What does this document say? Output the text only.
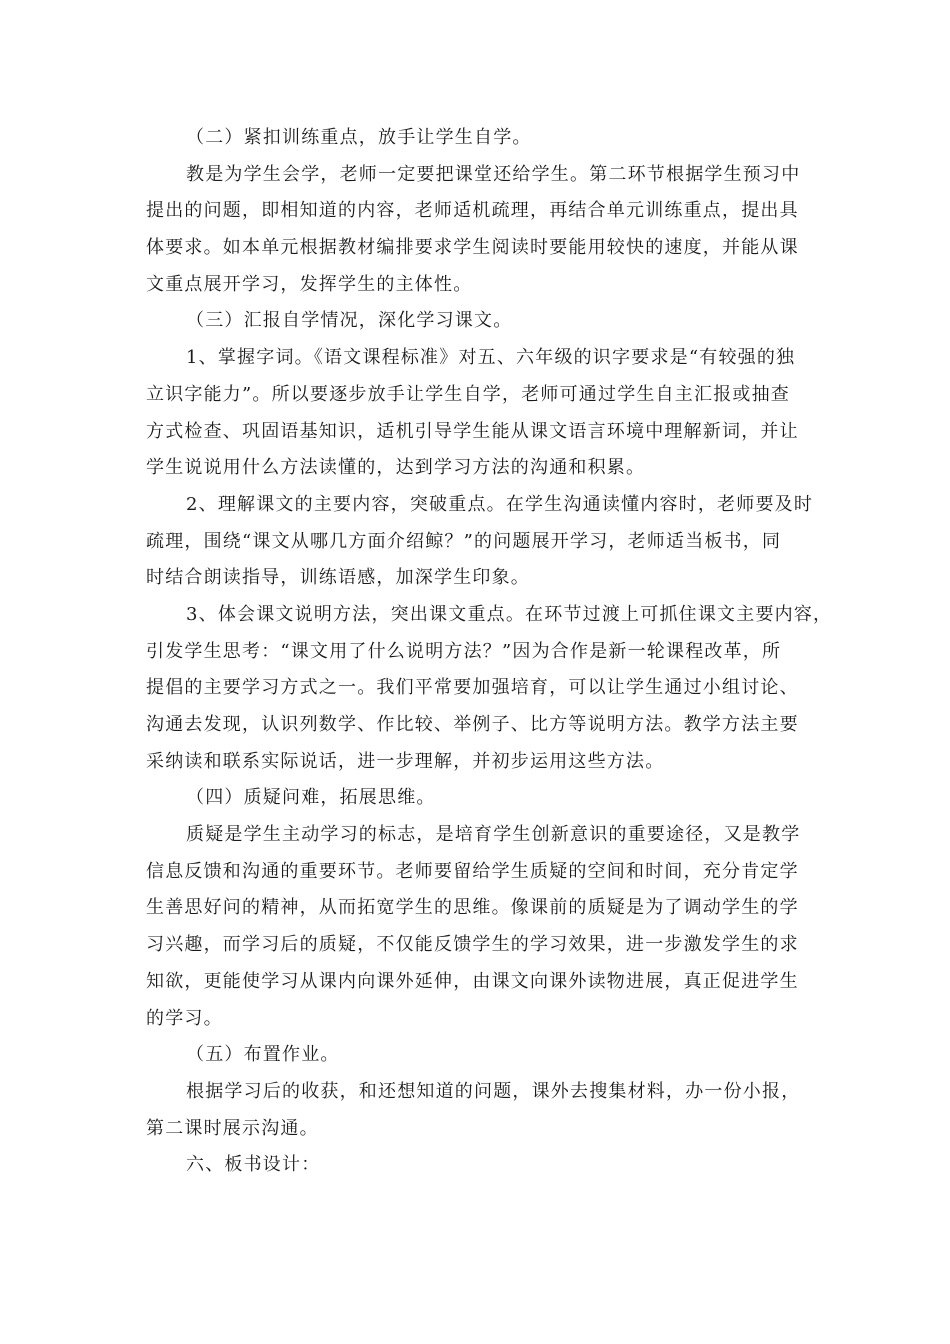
（二）紧扣训练重点，放手让学生自学。
教是为学生会学，老师一定要把课堂还给学生。第二环节根据学生预习中
提出的问题，即相知道的内容，老师适机疏理，再结合单元训练重点，提出具
体要求。如本单元根据教材编排要求学生阅读时要能用较快的速度，并能从课
文重点展开学习，发挥学生的主体性。
（三）汇报自学情况，深化学习课文。
1、掌握字词。《语文课程标准》对五、六年级的识字要求是“有较强的独
立识字能力”。所以要逐步放手让学生自学，老师可通过学生自主汇报或抽查
方式检查、巩固语基知识，适机引导学生能从课文语言环境中理解新词，并让
学生说说用什么方法读懂的，达到学习方法的沟通和积累。
2、理解课文的主要内容，突破重点。在学生沟通读懂内容时，老师要及时
疏理，围绕“课文从哪几方面介绍鲸？”的问题展开学习，老师适当板书，同
时结合朗读指导，训练语感，加深学生印象。
3、体会课文说明方法，突出课文重点。在环节过渡上可抓住课文主要内容，
引发学生思考：“课文用了什么说明方法？”因为合作是新一轮课程改革，所
提倡的主要学习方式之一。我们平常要加强培育，可以让学生通过小组讨论、
沟通去发现，认识列数学、作比较、举例子、比方等说明方法。教学方法主要
采纳读和联系实际说话，进一步理解，并初步运用这些方法。
（四）质疑问难，拓展思维。
质疑是学生主动学习的标志，是培育学生创新意识的重要途径，又是教学
信息反馈和沟通的重要环节。老师要留给学生质疑的空间和时间，充分肯定学
生善思好问的精神，从而拓宽学生的思维。像课前的质疑是为了调动学生的学
习兴趣，而学习后的质疑，不仅能反馈学生的学习效果，进一步激发学生的求
知欲，更能使学习从课内向课外延伸，由课文向课外读物进展，真正促进学生
的学习。
（五）布置作业。
根据学习后的收获，和还想知道的问题，课外去搜集材料，办一份小报，
第二课时展示沟通。
六、板书设计：
